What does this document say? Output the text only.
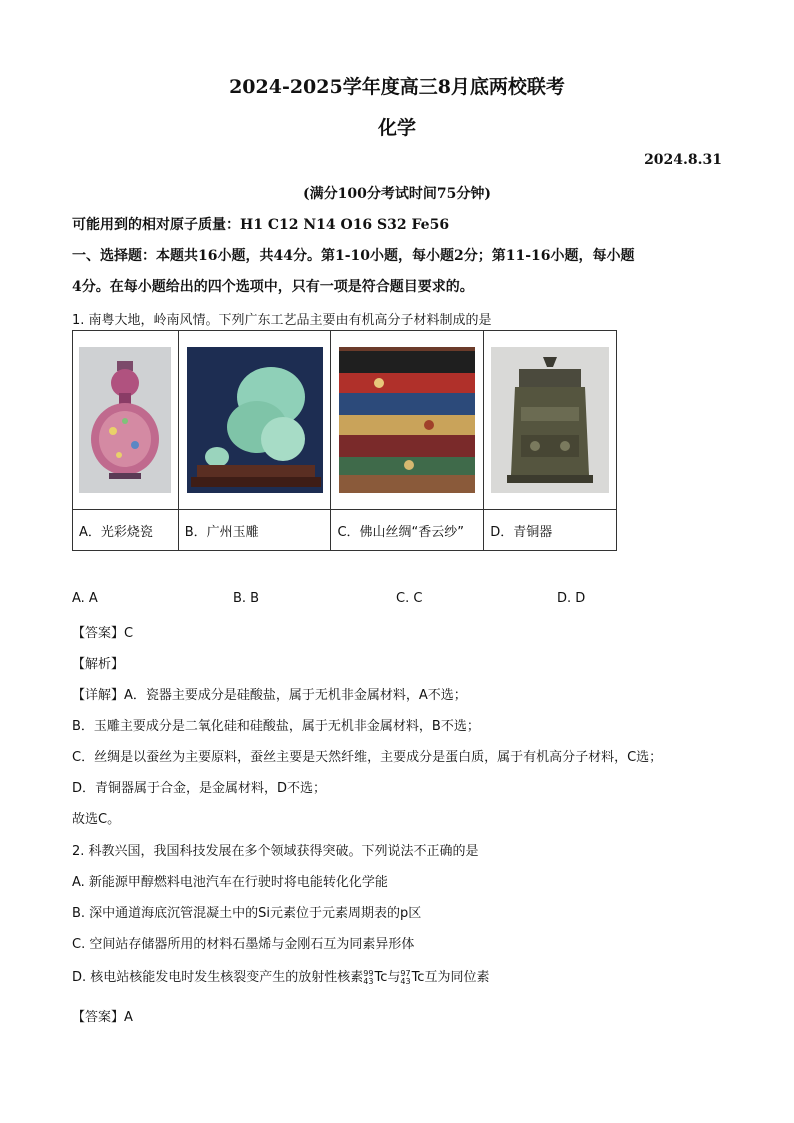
2024-2025学年度高三8月底两校联考
化学
2024.8.31
(满分100分考试时间75分钟)
可能用到的相对原子质量：H1 C12 N14 O16 S32 Fe56
一、选择题：本题共16小题，共44分。第1-10小题，每小题2分；第11-16小题，每小题
4分。在每小题给出的四个选项中，只有一项是符合题目要求的。
1. 南粤大地，岭南风情。下列广东工艺品主要由有机高分子材料制成的是

A．光彩烧瓷	B．广州玉雕	C．佛山丝绸“香云纱”	D．青铜器
A. A	B. B	C. C	D. D
【答案】C
【解析】
【详解】A．瓷器主要成分是硅酸盐，属于无机非金属材料，A不选；
B．玉雕主要成分是二氧化硅和硅酸盐，属于无机非金属材料，B不选；
C．丝绸是以蚕丝为主要原料，蚕丝主要是天然纤维，主要成分是蛋白质，属于有机高分子材料，C选；
D．青铜器属于合金，是金属材料，D不选；
故选C。
2. 科教兴国，我国科技发展在多个领域获得突破。下列说法不正确的是
A. 新能源甲醇燃料电池汽车在行驶时将电能转化化学能
B. 深中通道海底沉管混凝土中的Si元素位于元素周期表的p区
C. 空间站存储器所用的材料石墨烯与金刚石互为同素异形体
D. 核电站核能发电时发生核裂变产生的放射性核素99
43Tc与97
43Tc互为同位素
【答案】A
